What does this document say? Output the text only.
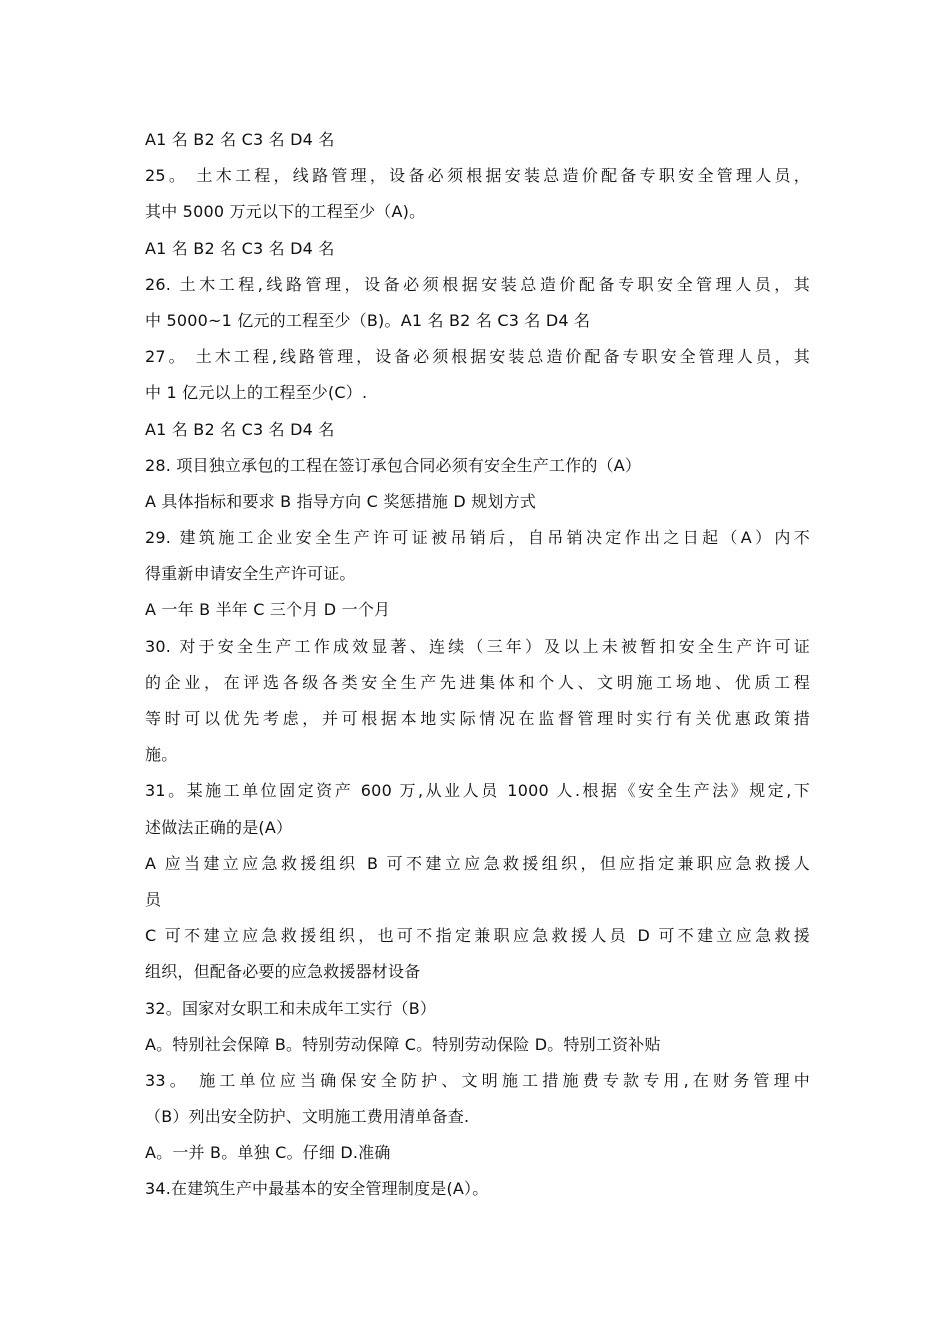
A1 名 B2 名 C3 名 D4 名
25。 土木工程，线路管理，设备必须根据安装总造价配备专职安全管理人员，
其中 5000 万元以下的工程至少（A)。
A1 名 B2 名 C3 名 D4 名
26. 土木工程,线路管理，设备必须根据安装总造价配备专职安全管理人员，其
中 5000~1 亿元的工程至少（B)。A1 名 B2 名 C3 名 D4 名
27。 土木工程,线路管理，设备必须根据安装总造价配备专职安全管理人员，其
中 1 亿元以上的工程至少(C）.
A1 名 B2 名 C3 名 D4 名
28. 项目独立承包的工程在签订承包合同必须有安全生产工作的（A）
A 具体指标和要求 B 指导方向 C 奖惩措施 D 规划方式
29. 建筑施工企业安全生产许可证被吊销后，自吊销决定作出之日起（A）内不
得重新申请安全生产许可证。
A 一年 B 半年 C 三个月 D 一个月
30. 对于安全生产工作成效显著、连续（三年）及以上未被暂扣安全生产许可证
的企业，在评选各级各类安全生产先进集体和个人、文明施工场地、优质工程
等时可以优先考虑，并可根据本地实际情况在监督管理时实行有关优惠政策措
施。
31。某施工单位固定资产 600 万,从业人员 1000 人.根据《安全生产法》规定,下
述做法正确的是(A）
A 应当建立应急救援组织 B 可不建立应急救援组织，但应指定兼职应急救援人
员
C 可不建立应急救援组织，也可不指定兼职应急救援人员 D 可不建立应急救援
组织，但配备必要的应急救援器材设备
32。国家对女职工和未成年工实行（B）
A。特别社会保障 B。特别劳动保障 C。特别劳动保险 D。特别工资补贴
33。 施工单位应当确保安全防护、文明施工措施费专款专用,在财务管理中
（B）列出安全防护、文明施工费用清单备查.
A。一并 B。单独 C。仔细 D.准确
34.在建筑生产中最基本的安全管理制度是(A）。
